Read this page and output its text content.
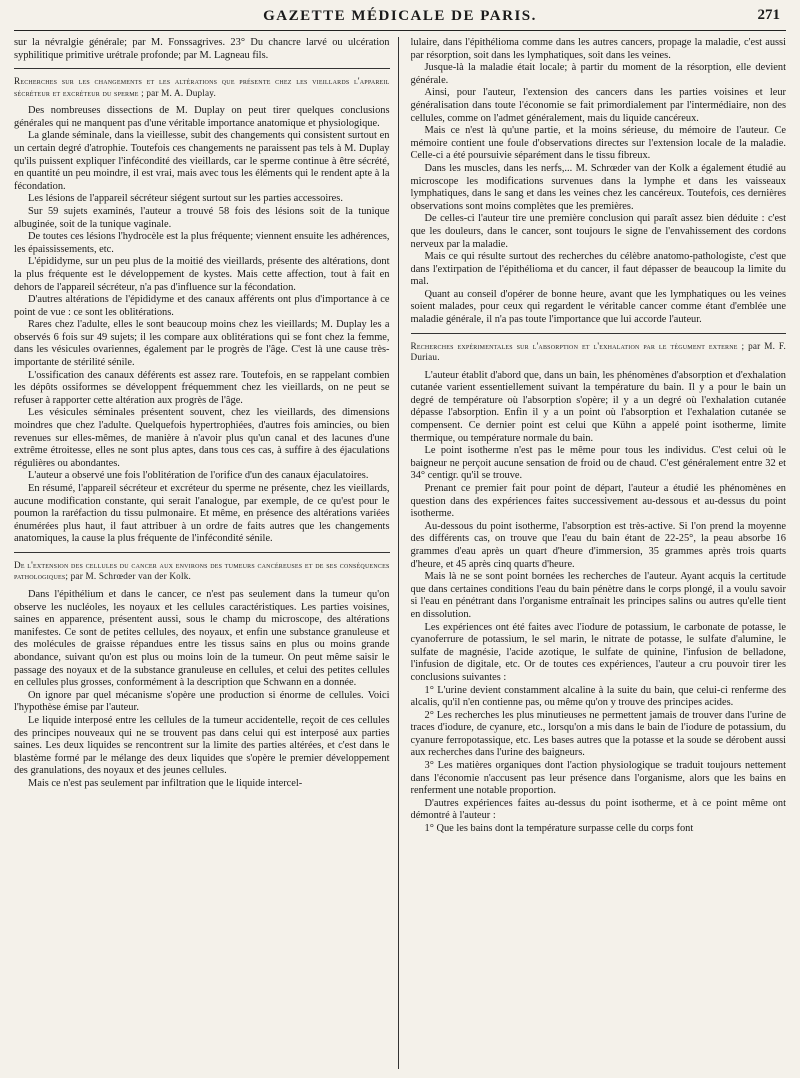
GAZETTE MÉDICALE DE PARIS.	271

sur la névralgie générale; par M. Fonssagrives. 23° Du chancre larvé ou ulcération syphilitique primitive urétrale profonde; par M. Lagneau fils.

Recherches sur les changements et les altérations que présente chez les vieillards l'appareil sécréteur et excréteur du sperme ; par M. A. Duplay.

Des nombreuses dissections de M. Duplay on peut tirer quelques conclusions générales qui ne manquent pas d'une véritable importance anatomique et physiologique.

La glande séminale, dans la vieillesse, subit des changements qui consistent surtout en un certain degré d'atrophie. Toutefois ces changements ne paraissent pas tels à M. Duplay qu'ils puissent expliquer l'infécondité des vieillards, car le sperme continue à être sécrété, en quantité un peu moindre, il est vrai, mais avec tous les éléments qui le rendent apte à la fécondation.

Les lésions de l'appareil sécréteur siégent surtout sur les parties accessoires.

Sur 59 sujets examinés, l'auteur a trouvé 58 fois des lésions soit de la tunique albuginée, soit de la tunique vaginale.

De toutes ces lésions l'hydrocèle est la plus fréquente; viennent ensuite les adhérences, les épaississements, etc.

L'épididyme, sur un peu plus de la moitié des vieillards, présente des altérations, dont la plus fréquente est le développement de kystes. Mais cette affection, tout à fait en dehors de l'appareil sécréteur, n'a pas d'influence sur la fécondation.

D'autres altérations de l'épididyme et des canaux afférents ont plus d'importance à ce point de vue : ce sont les oblitérations.

Rares chez l'adulte, elles le sont beaucoup moins chez les vieillards; M. Duplay les a observés 6 fois sur 49 sujets; il les compare aux oblitérations qui se font chez la femme, dans les vésicules ovariennes, également par le progrès de l'âge. C'est là une cause très-importante de stérilité sénile.

L'ossification des canaux déférents est assez rare. Toutefois, en se rappelant combien les dépôts ossiformes se développent fréquemment chez les vieillards, on ne peut se refuser à rapporter cette altération aux progrès de l'âge.

Les vésicules séminales présentent souvent, chez les vieillards, des dimensions moindres que chez l'adulte. Quelquefois hypertrophiées, d'autres fois amincies, ou bien revenues sur elles-mêmes, de manière à n'avoir plus qu'un canal et des lacunes d'une extrême étroitesse, elles ne sont plus aptes, dans tous ces cas, à suffire à des éjaculations régulières ou abondantes.

L'auteur a observé une fois l'oblitération de l'orifice d'un des canaux éjaculatoires.

En résumé, l'appareil sécréteur et excréteur du sperme ne présente, chez les vieillards, aucune modification constante, qui serait l'analogue, par exemple, de ce qu'est pour le poumon la raréfaction du tissu pulmonaire. Et même, en présence des altérations variées énumérées plus haut, il faut attribuer à un ordre de faits autres que les changements anatomiques, la cause la plus fréquente de l'infécondité sénile.

De l'extension des cellules du cancer aux environs des tumeurs cancéreuses et de ses conséquences pathologiques; par M. Schrœder van der Kolk.

Dans l'épithélium et dans le cancer, ce n'est pas seulement dans la tumeur qu'on observe les nucléoles, les noyaux et les cellules caractéristiques. Les parties voisines, saines en apparence, présentent aussi, sous le champ du microscope, des altérations manifestes. Ce sont de petites cellules, des noyaux, et enfin une substance granuleuse et des molécules de graisse répandues entre les tissus sains en plus ou moins grande abondance, suivant qu'on est plus ou moins loin de la tumeur. On peut même saisir le passage des noyaux et de la substance granuleuse en cellules, et celui des petites cellules en cellules plus grosses, conformément à la description que Schwann en a donnée.

On ignore par quel mécanisme s'opère une production si énorme de cellules. Voici l'hypothèse émise par l'auteur.

Le liquide interposé entre les cellules de la tumeur accidentelle, reçoit de ces cellules des principes nouveaux qui ne se trouvent pas dans celui qui est interposé aux parties saines. Les deux liquides se rencontrent sur la limite des parties altérées, et c'est dans le blastème formé par le mélange des deux liquides que s'opère le premier développement des granulations, des noyaux et des jeunes cellules.

Mais ce n'est pas seulement par infiltration que le liquide intercel-

lulaire, dans l'épithélioma comme dans les autres cancers, propage la maladie, c'est aussi par résorption, soit dans les lymphatiques, soit dans les veines.

Jusque-là la maladie était locale; à partir du moment de la résorption, elle devient générale.

Ainsi, pour l'auteur, l'extension des cancers dans les parties voisines et leur généralisation dans toute l'économie se fait primordialement par l'intermédiaire, non des cellules, comme on l'admet généralement, mais du liquide cancéreux.

Mais ce n'est là qu'une partie, et la moins sérieuse, du mémoire de l'auteur. Ce mémoire contient une foule d'observations directes sur l'extension locale de la maladie. Celle-ci a été poursuivie séparément dans le tissu fibreux.

Dans les muscles, dans les nerfs,... M. Schrœder van der Kolk a également étudié au microscope les modifications survenues dans la lymphe et dans les vaisseaux lymphatiques, dans le sang et dans les veines chez les cancéreux. Toutefois, ces dernières observations sont moins complètes que les premières.

De celles-ci l'auteur tire une première conclusion qui paraît assez bien déduite : c'est que les douleurs, dans le cancer, sont toujours le signe de l'envahissement des cordons nerveux par la maladie.

Mais ce qui résulte surtout des recherches du célèbre anatomo-pathologiste, c'est que dans l'extirpation de l'épithélioma et du cancer, il faut dépasser de beaucoup la limite du mal.

Quant au conseil d'opérer de bonne heure, avant que les lymphatiques ou les veines soient malades, pour ceux qui regardent le véritable cancer comme étant d'emblée une maladie générale, il n'a pas toute l'importance que lui accorde l'auteur.

Recherches expérimentales sur l'absorption et l'exhalation par le tégument externe ; par M. F. Duriau.

L'auteur établit d'abord que, dans un bain, les phénomènes d'absorption et d'exhalation cutanée varient essentiellement suivant la température du bain. Il y a pour le bain un degré de température où l'absorption s'opère; il y a un degré où l'exhalation cutanée dépasse l'absorption. Enfin il y a un point où l'absorption et l'exhalation cutanée se compensent. Ce dernier point est celui que Kühn a appelé point isotherme, limite thermique, ou température normale du bain.

Le point isotherme n'est pas le même pour tous les individus. C'est celui où le baigneur ne perçoit aucune sensation de froid ou de chaud. C'est généralement entre 32 et 34° centigr. qu'il se trouve.

Prenant ce premier fait pour point de départ, l'auteur a étudié les phénomènes en question dans des expériences faites successivement au-dessous et au-dessus du point isotherme.

Au-dessous du point isotherme, l'absorption est très-active. Si l'on prend la moyenne des différents cas, on trouve que l'eau du bain étant de 22-25°, la peau absorbe 16 grammes d'eau après un quart d'heure d'immersion, 35 grammes après trois quarts d'heure, et 45 après cinq quarts d'heure.

Mais là ne se sont point bornées les recherches de l'auteur. Ayant acquis la certitude que dans certaines conditions l'eau du bain pénètre dans le corps plongé, il a voulu savoir si l'eau en pénétrant dans l'organisme entraînait les principes salins ou autres qu'elle tient en dissolution.

Les expériences ont été faites avec l'iodure de potassium, le carbonate de potasse, le cyanoferrure de potassium, le sel marin, le nitrate de potasse, le sulfate d'alumine, le sulfate de magnésie, l'acide azotique, le sulfate de quinine, l'infusion de belladone, l'infusion de digitale, etc. Or de toutes ces expériences, l'auteur a cru pouvoir tirer les conclusions suivantes :

1° L'urine devient constamment alcaline à la suite du bain, que celui-ci renferme des alcalis, qu'il n'en contienne pas, ou même qu'on y trouve des principes acides.

2° Les recherches les plus minutieuses ne permettent jamais de trouver dans l'urine de traces d'iodure, de cyanure, etc., lorsqu'on a mis dans le bain de l'iodure de potassium, du cyanure ferropotassique, etc. Les bases autres que la potasse et la soude se dérobent aussi aux recherches dans l'urine des baigneurs.

3° Les matières organiques dont l'action physiologique se traduit toujours nettement dans l'économie n'accusent pas leur présence dans l'organisme, alors que les bains en renferment une notable proportion.

D'autres expériences faites au-dessus du point isotherme, et à ce point même ont démontré à l'auteur :

1° Que les bains dont la température surpasse celle du corps font
